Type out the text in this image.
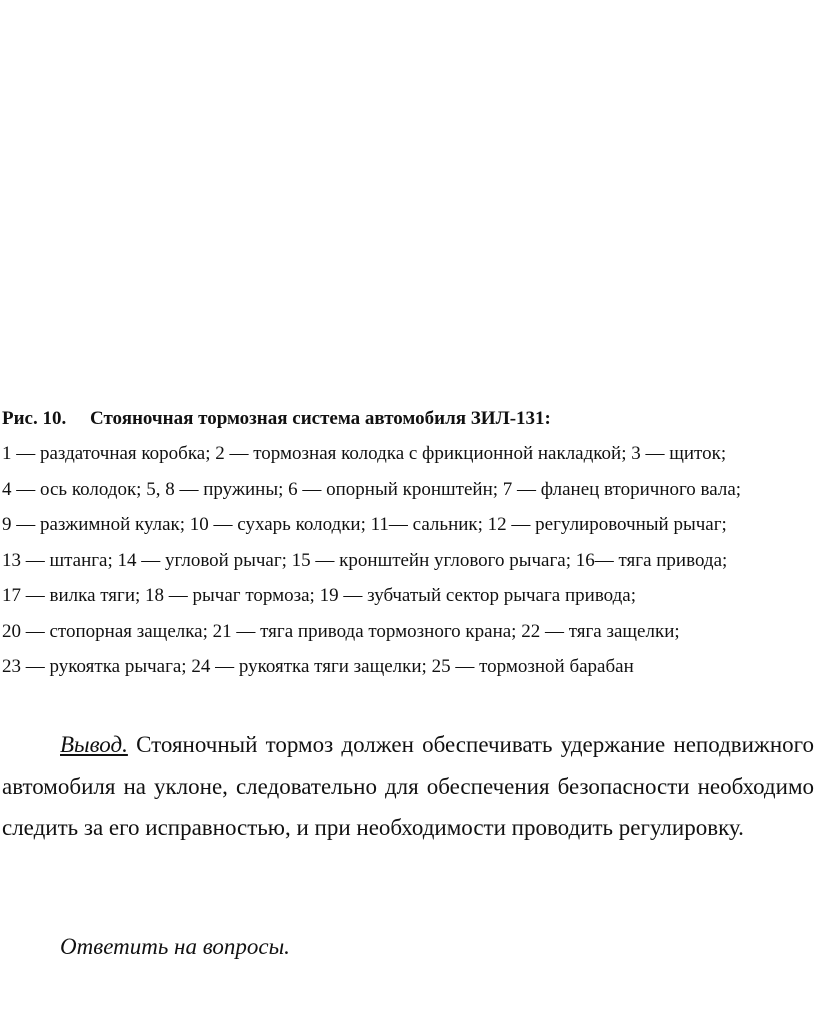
Рис. 10. Стояночная тормозная система автомобиля ЗИЛ-131:

1 — раздаточная коробка; 2 — тормозная колодка с фрикционной накладкой; 3 — щиток;

4 — ось колодок; 5, 8 — пружины; 6 — опорный кронштейн; 7 — фланец вторичного вала;

9 — разжимной кулак; 10 — сухарь колодки; 11— сальник; 12 — регулировочный рычаг;

13 — штанга; 14 — угловой рычаг; 15 — кронштейн углового рычага; 16— тяга привода;

17 — вилка тяги; 18 — рычаг тормоза; 19 — зубчатый сектор рычага привода;

20 — стопорная защелка; 21 — тяга привода тормозного крана; 22 — тяга защелки;

23 — рукоятка рычага; 24 — рукоятка тяги защелки; 25 — тормозной барабан

Вывод. Стояночный тормоз должен обеспечивать удержание неподвижного автомобиля на уклоне, следовательно для обеспечения безопасности необходимо следить за его исправностью, и при необходимости проводить регулировку.

Ответить на вопросы.
